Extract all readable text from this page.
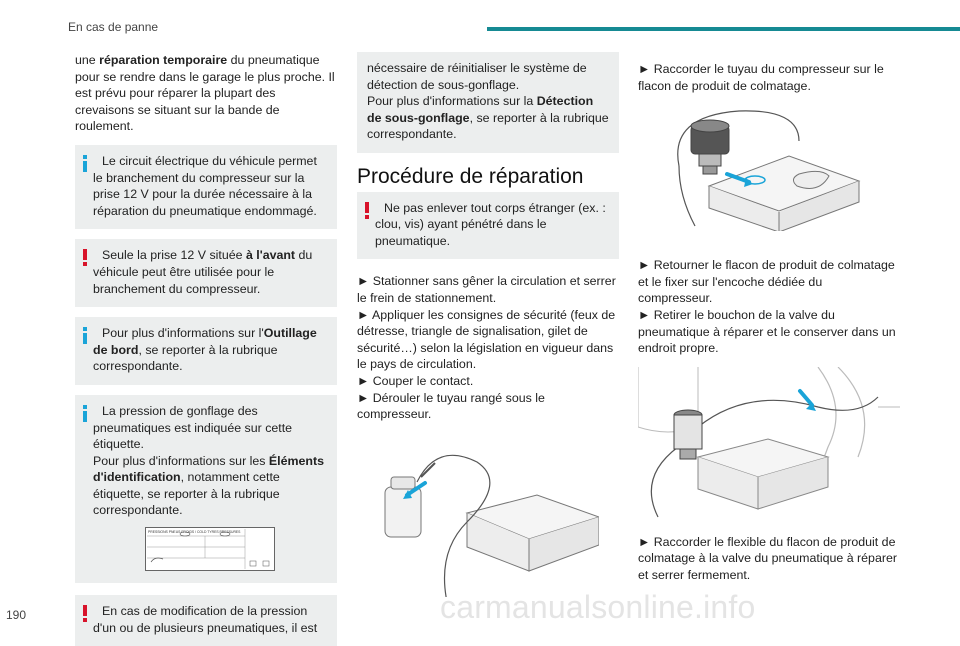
En cas de panne

une réparation temporaire du pneumatique pour se rendre dans le garage le plus proche. Il est prévu pour réparer la plupart des crevaisons se situant sur la bande de roulement.

Le circuit électrique du véhicule permet le branchement du compresseur sur la prise 12 V pour la durée nécessaire à la réparation du pneumatique endommagé.

Seule la prise 12 V située à l'avant du véhicule peut être utilisée pour le branchement du compresseur.

Pour plus d'informations sur l'Outillage de bord, se reporter à la rubrique correspondante.

La pression de gonflage des pneumatiques est indiquée sur cette étiquette.

Pour plus d'informations sur les Éléments d'identification, notamment cette étiquette, se reporter à la rubrique correspondante.

PRESSIONS PNEUS FROIDS / COLD TYRES PRESSURES

En cas de modification de la pression d'un ou de plusieurs pneumatiques, il est

nécessaire de réinitialiser le système de détection de sous-gonflage.

Pour plus d'informations sur la Détection de sous-gonflage, se reporter à la rubrique correspondante.

Procédure de réparation

Ne pas enlever tout corps étranger (ex. : clou, vis) ayant pénétré dans le pneumatique.

► Stationner sans gêner la circulation et serrer le frein de stationnement.

► Appliquer les consignes de sécurité (feux de détresse, triangle de signalisation, gilet de sécurité…) selon la législation en vigueur dans le pays de circulation.

► Couper le contact.

► Dérouler le tuyau rangé sous le compresseur.

► Raccorder le tuyau du compresseur sur le flacon de produit de colmatage.

► Retourner le flacon de produit de colmatage et le fixer sur l'encoche dédiée du compresseur.

► Retirer le bouchon de la valve du pneumatique à réparer et le conserver dans un endroit propre.

► Raccorder le flexible du flacon de produit de colmatage à la valve du pneumatique à réparer et serrer fermement.

190	carmanualsonline.info
